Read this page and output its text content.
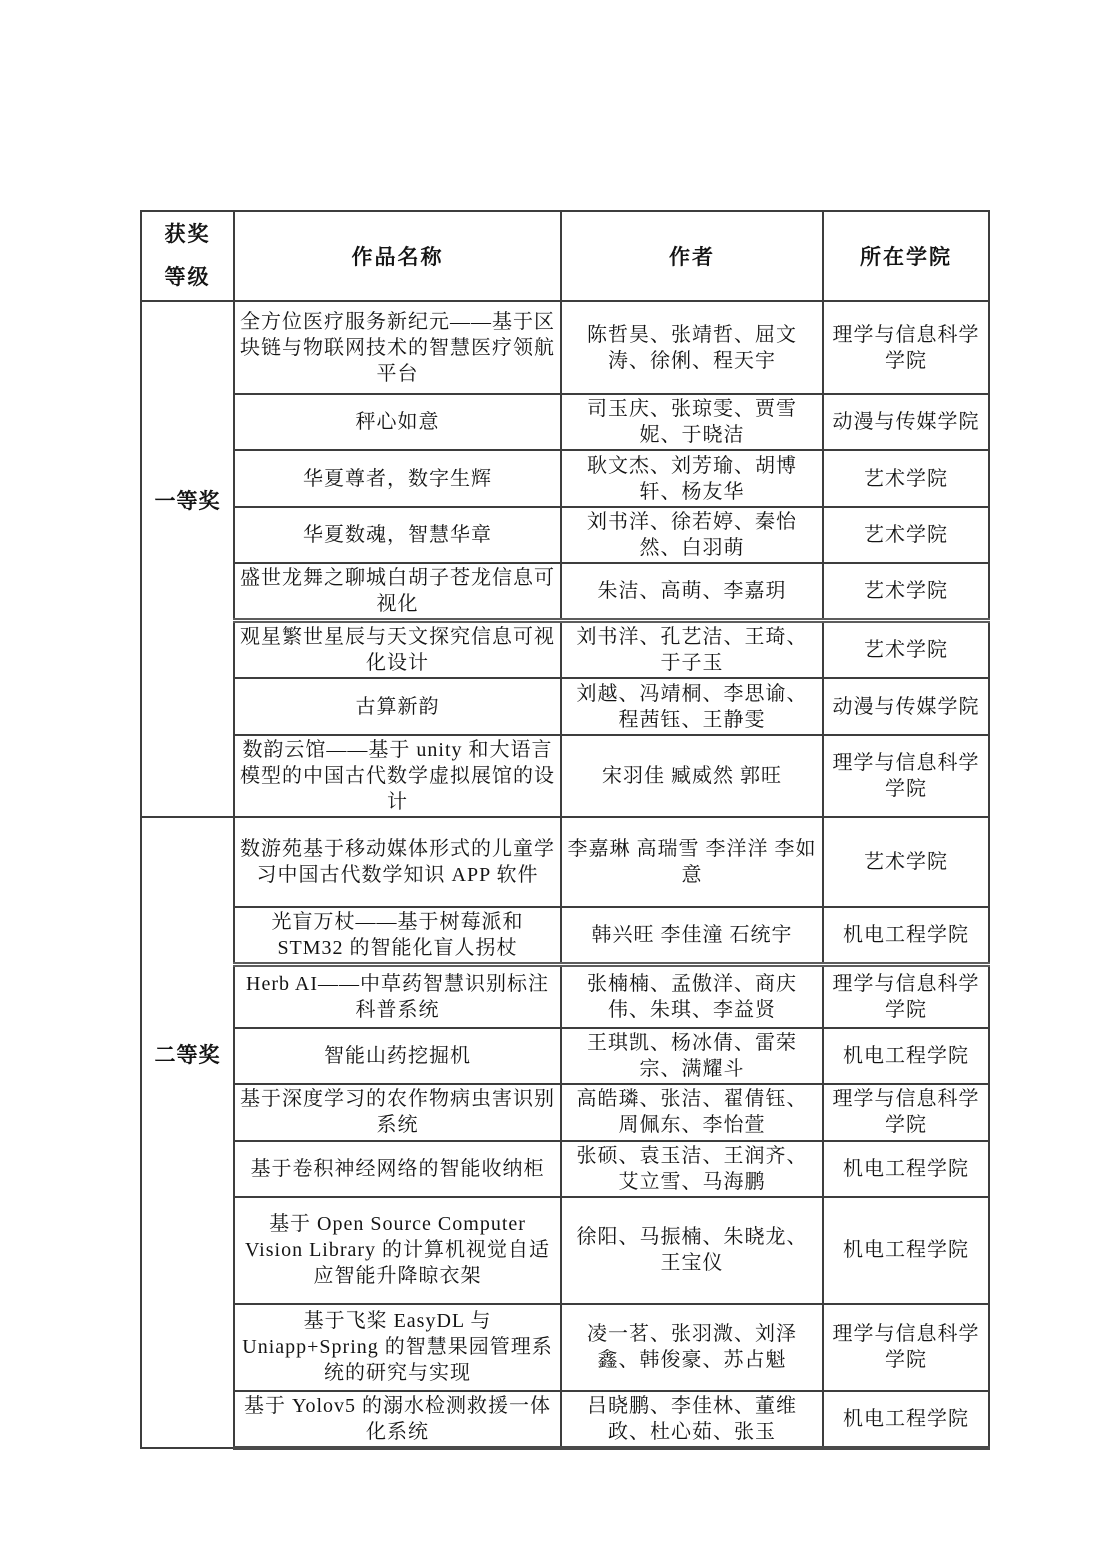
获奖
等级	作品名称	作者	所在学院
一等奖	全方位医疗服务新纪元——基于区块链与物联网技术的智慧医疗领航平台	陈哲昊、张靖哲、屈文涛、徐俐、程天宇	理学与信息科学学院
	秤心如意	司玉庆、张琼雯、贾雪妮、于晓洁	动漫与传媒学院
	华夏尊者，数字生辉	耿文杰、刘芳瑜、胡博轩、杨友华	艺术学院
	华夏数魂，智慧华章	刘书洋、徐若婷、秦怡然、白羽萌	艺术学院
	盛世龙舞之聊城白胡子苍龙信息可视化	朱洁、高萌、李嘉玥	艺术学院
	观星繁世星辰与天文探究信息可视化设计	刘书洋、孔艺洁、王琦、于子玉	艺术学院
	古算新韵	刘越、冯靖桐、李思谕、程茜钰、王静雯	动漫与传媒学院
	数韵云馆——基于 unity 和大语言模型的中国古代数学虚拟展馆的设计	宋羽佳 臧威然 郭旺	理学与信息科学学院
二等奖	数游苑基于移动媒体形式的儿童学习中国古代数学知识 APP 软件	李嘉琳 高瑞雪 李洋洋 李如意	艺术学院
	光盲万杖——基于树莓派和 STM32 的智能化盲人拐杖	韩兴旺 李佳潼 石统宇	机电工程学院
	Herb AI——中草药智慧识别标注科普系统	张楠楠、孟傲洋、商庆伟、朱琪、李益贤	理学与信息科学学院
	智能山药挖掘机	王琪凯、杨冰倩、雷荣宗、满耀斗	机电工程学院
	基于深度学习的农作物病虫害识别系统	高皓璘、张洁、翟倩钰、周佩东、李怡萱	理学与信息科学学院
	基于卷积神经网络的智能收纳柜	张硕、袁玉洁、王润齐、艾立雪、马海鹏	机电工程学院
	基于 Open Source Computer Vision Library 的计算机视觉自适应智能升降晾衣架	徐阳、马振楠、朱晓龙、王宝仪	机电工程学院
	基于飞桨 EasyDL 与 Uniapp+Spring 的智慧果园管理系统的研究与实现	凌一茗、张羽溦、刘泽鑫、韩俊豪、苏占魁	理学与信息科学学院
	基于 Yolov5 的溺水检测救援一体化系统	吕晓鹏、李佳林、董维政、杜心茹、张玉	机电工程学院
